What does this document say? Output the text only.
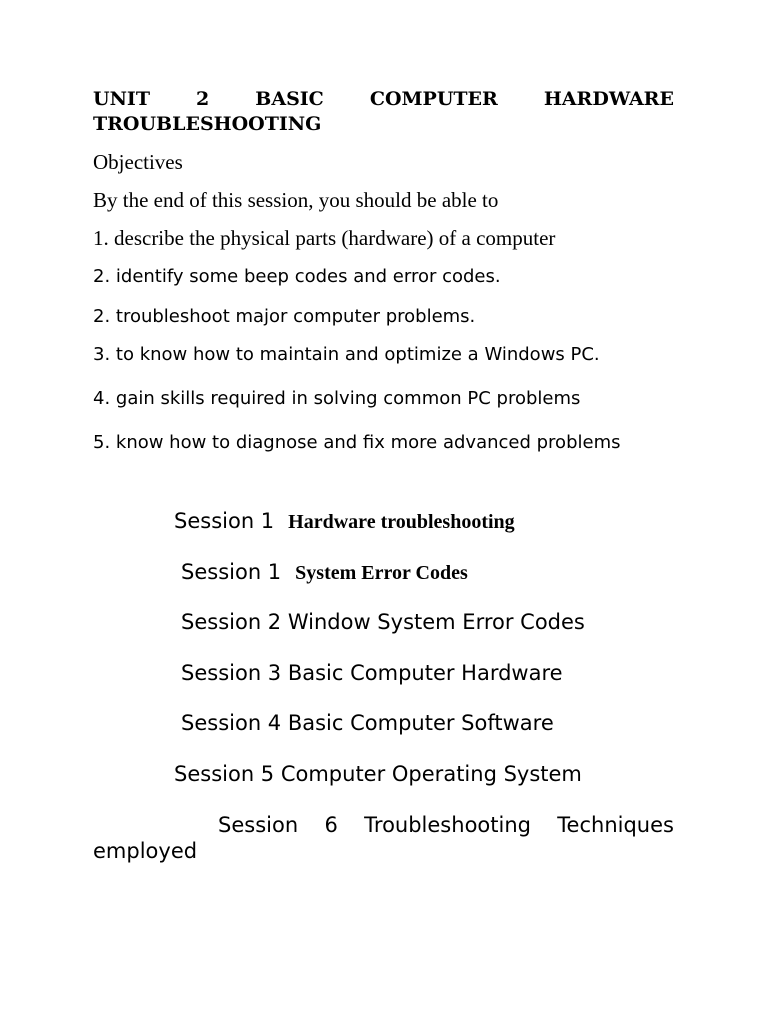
UNIT 2 BASIC COMPUTER HARDWARE
TROUBLESHOOTING
Objectives
By the end of this session, you should be able to
1. describe the physical parts (hardware) of a computer
2. identify some beep codes and error codes.
2. troubleshoot major computer problems.
3. to know how to maintain and optimize a Windows PC.
4. gain skills required in solving common PC problems
5. know how to diagnose and fix more advanced problems
Session 1 Hardware troubleshooting
Session 1 System Error Codes
Session 2 Window System Error Codes
Session 3 Basic Computer Hardware
Session 4 Basic Computer Software
Session 5 Computer Operating System
Session 6 Troubleshooting Techniques
employed
